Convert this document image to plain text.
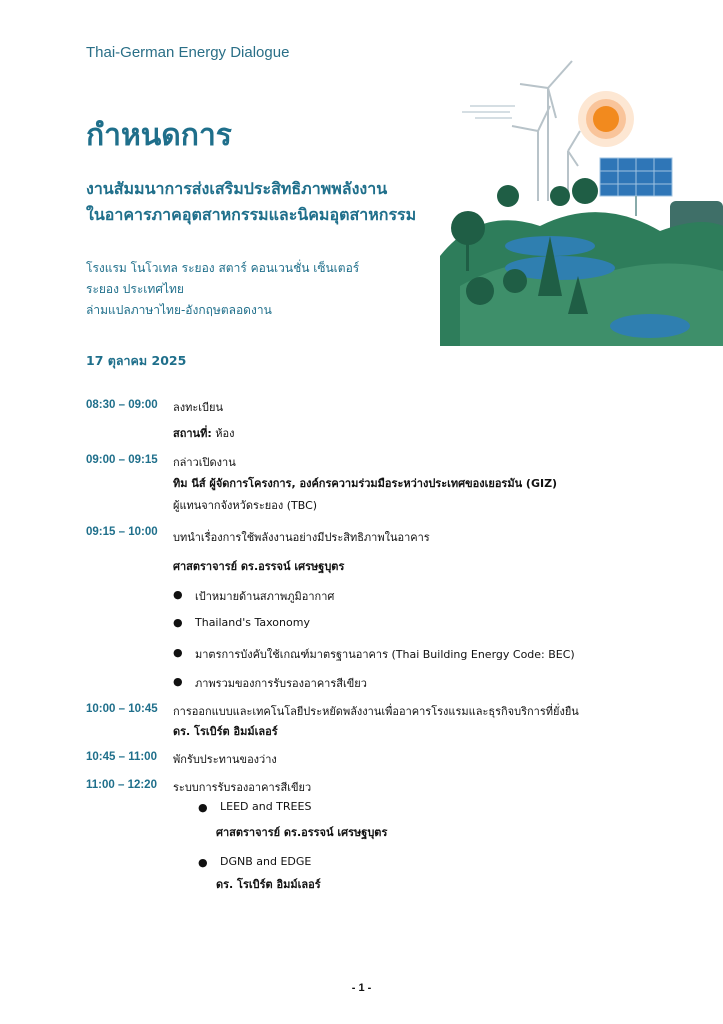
Thai-German Energy Dialogue
กำหนดการ
งานสัมมนาการส่งเสริมประสิทธิภาพพลังงาน
ในอาคารภาคอุตสาหกรรมและนิคมอุตสาหกรรม
โรงแรม โนโวเทล ระยอง สตาร์ คอนเวนชั่น เซ็นเตอร์
ระยอง ประเทศไทย
ล่ามแปลภาษาไทย-อังกฤษตลอดงาน
17 ตุลาคม 2025
08:30 – 09:00 ลงทะเบียน
สถานที่: ห้อง
09:00 – 09:15 กล่าวเปิดงาน
ทิม นีส์ ผู้จัดการโครงการ, องค์กรความร่วมมือระหว่างประเทศของเยอรมัน (GIZ)
ผู้แทนจากจังหวัดระยอง (TBC)
09:15 – 10:00 บทนำเรื่องการใช้พลังงานอย่างมีประสิทธิภาพในอาคาร
ศาสตราจารย์ ดร.อรรจน์ เศรษฐบุตร
● เป้าหมายด้านสภาพภูมิอากาศ
● Thailand's Taxonomy
● มาตรการบังคับใช้เกณฑ์มาตรฐานอาคาร (Thai Building Energy Code: BEC)
● ภาพรวมของการรับรองอาคารสีเขียว
10:00 – 10:45 การออกแบบและเทคโนโลยีประหยัดพลังงานเพื่ออาคารโรงแรมและธุรกิจบริการที่ยั่งยืน
ดร. โรเบิร์ต อิมม์เลอร์
10:45 – 11:00 พักรับประทานของว่าง
11:00 – 12:20 ระบบการรับรองอาคารสีเขียว
● LEED and TREES
ศาสตราจารย์ ดร.อรรจน์ เศรษฐบุตร
● DGNB and EDGE
ดร. โรเบิร์ต อิมม์เลอร์
- 1 -
